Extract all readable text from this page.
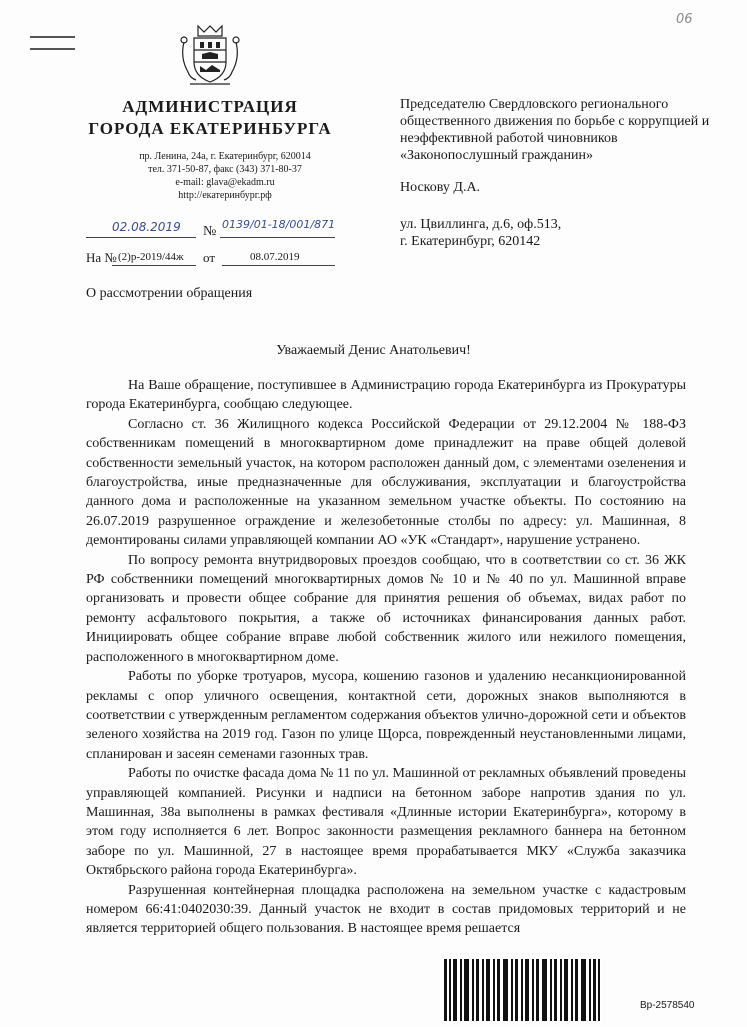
06
АДМИНИСТРАЦИЯ
ГОРОДА ЕКАТЕРИНБУРГА
пр. Ленина, 24а, г. Екатеринбург, 620014
тел. 371-50-87, факс (343) 371-80-37
e-mail: glava@ekadm.ru
http://екатеринбург.рф
02.08.2019 № 0139/01-18/001/871
На № (2)р-2019/44ж от	08.07.2019

Председателю Свердловского регионального общественного движения по борьбе с коррупцией и неэффективной работой чиновников «Законопослушный гражданин»

Носкову Д.А.

ул. Цвиллинга, д.6, оф.513,

г. Екатеринбург, 620142

О рассмотрении обращения
Уважаемый Денис Анатольевич!

На Ваше обращение, поступившее в Администрацию города Екатеринбурга из Прокуратуры города Екатеринбурга, сообщаю следующее.

Согласно ст. 36 Жилищного кодекса Российской Федерации от 29.12.2004 № 188-ФЗ собственникам помещений в многоквартирном доме принадлежит на праве общей долевой собственности земельный участок, на котором расположен данный дом, с элементами озеленения и благоустройства, иные предназначенные для обслуживания, эксплуатации и благоустройства данного дома и расположенные на указанном земельном участке объекты. По состоянию на 26.07.2019 разрушенное ограждение и железобетонные столбы по адресу: ул. Машинная, 8 демонтированы силами управляющей компании АО «УК «Стандарт», нарушение устранено.

По вопросу ремонта внутридворовых проездов сообщаю, что в соответствии со ст. 36 ЖК РФ собственники помещений многоквартирных домов № 10 и № 40 по ул. Машинной вправе организовать и провести общее собрание для принятия решения об объемах, видах работ по ремонту асфальтового покрытия, а также об источниках финансирования данных работ. Инициировать общее собрание вправе любой собственник жилого или нежилого помещения, расположенного в многоквартирном доме.

Работы по уборке тротуаров, мусора, кошению газонов и удалению несанкционированной рекламы с опор уличного освещения, контактной сети, дорожных знаков выполняются в соответствии с утвержденным регламентом содержания объектов улично-дорожной сети и объектов зеленого хозяйства на 2019 год. Газон по улице Щорса, поврежденный неустановленными лицами, спланирован и засеян семенами газонных трав.

Работы по очистке фасада дома № 11 по ул. Машинной от рекламных объявлений проведены управляющей компанией. Рисунки и надписи на бетонном заборе напротив здания по ул. Машинная, 38а выполнены в рамках фестиваля «Длинные истории Екатеринбурга», которому в этом году исполняется 6 лет. Вопрос законности размещения рекламного баннера на бетонном заборе по ул. Машинной, 27 в настоящее время прорабатывается МКУ «Служба заказчика Октябрьского района города Екатеринбурга».

Разрушенная контейнерная площадка расположена на земельном участке с кадастровым номером 66:41:0402030:39. Данный участок не входит в состав придомовых территорий и не является территорией общего пользования. В настоящее время решается

Вр-2578540
